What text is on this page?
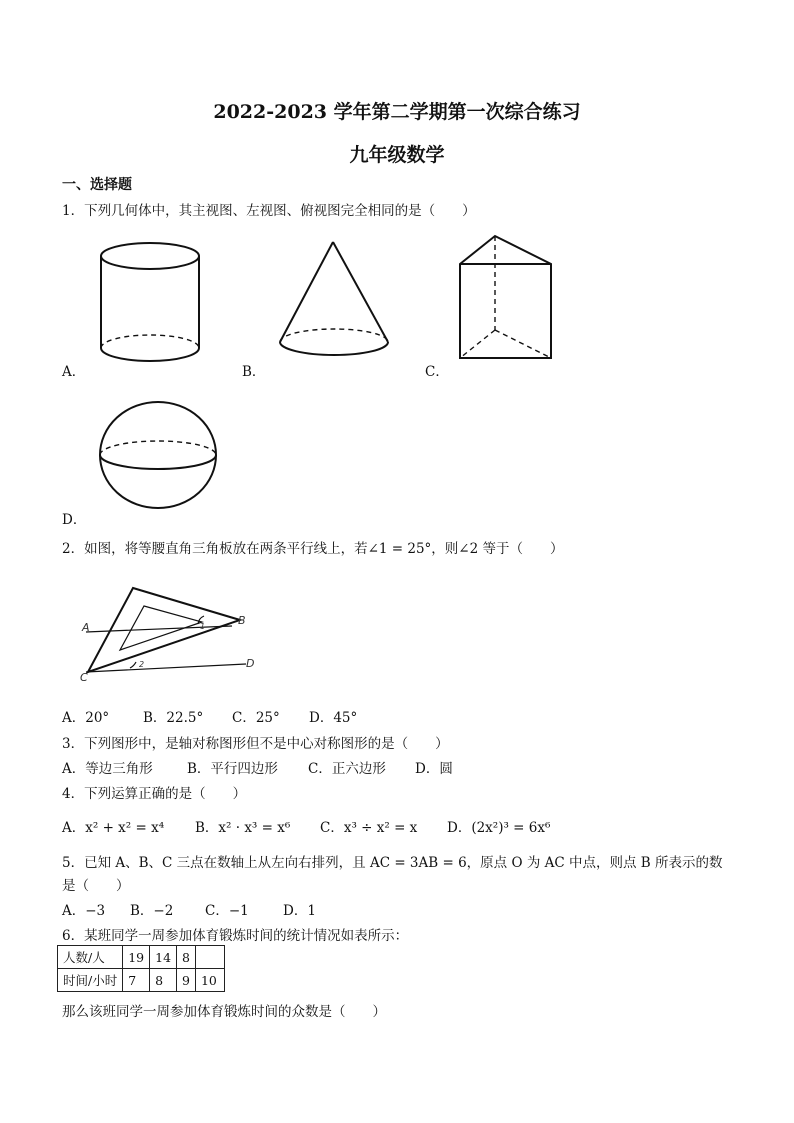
2022-2023 学年第二学期第一次综合练习
九年级数学
一、选择题
1．下列几何体中，其主视图、左视图、俯视图完全相同的是（　　）
A．	B．	C．
D．
2．如图，将等腰直角三角板放在两条平行线上，若∠1 = 25°，则∠2 等于（　　）
A
B
C
D
1
2
A．20°	B．22.5° C．25° D．45°
3．下列图形中，是轴对称图形但不是中心对称图形的是（　　）
A．等边三角形	B．平行四边形 C．正六边形 D．圆
4．下列运算正确的是（　　）
A．x² + x² = x⁴ B．x² · x³ = x⁶ C．x³ ÷ x² = x D．(2x²)³ = 6x⁶
5．已知 A、B、C 三点在数轴上从左向右排列，且 AC = 3AB = 6，原点 O 为 AC 中点，则点 B 所表示的数
是（　　）
A．−3 B．−2 C．−1	D．1
6．某班同学一周参加体育锻炼时间的统计情况如表所示：
人数/人	19	14	8	
时间/小时	7	8	9	10
那么该班同学一周参加体育锻炼时间的众数是（　　）
